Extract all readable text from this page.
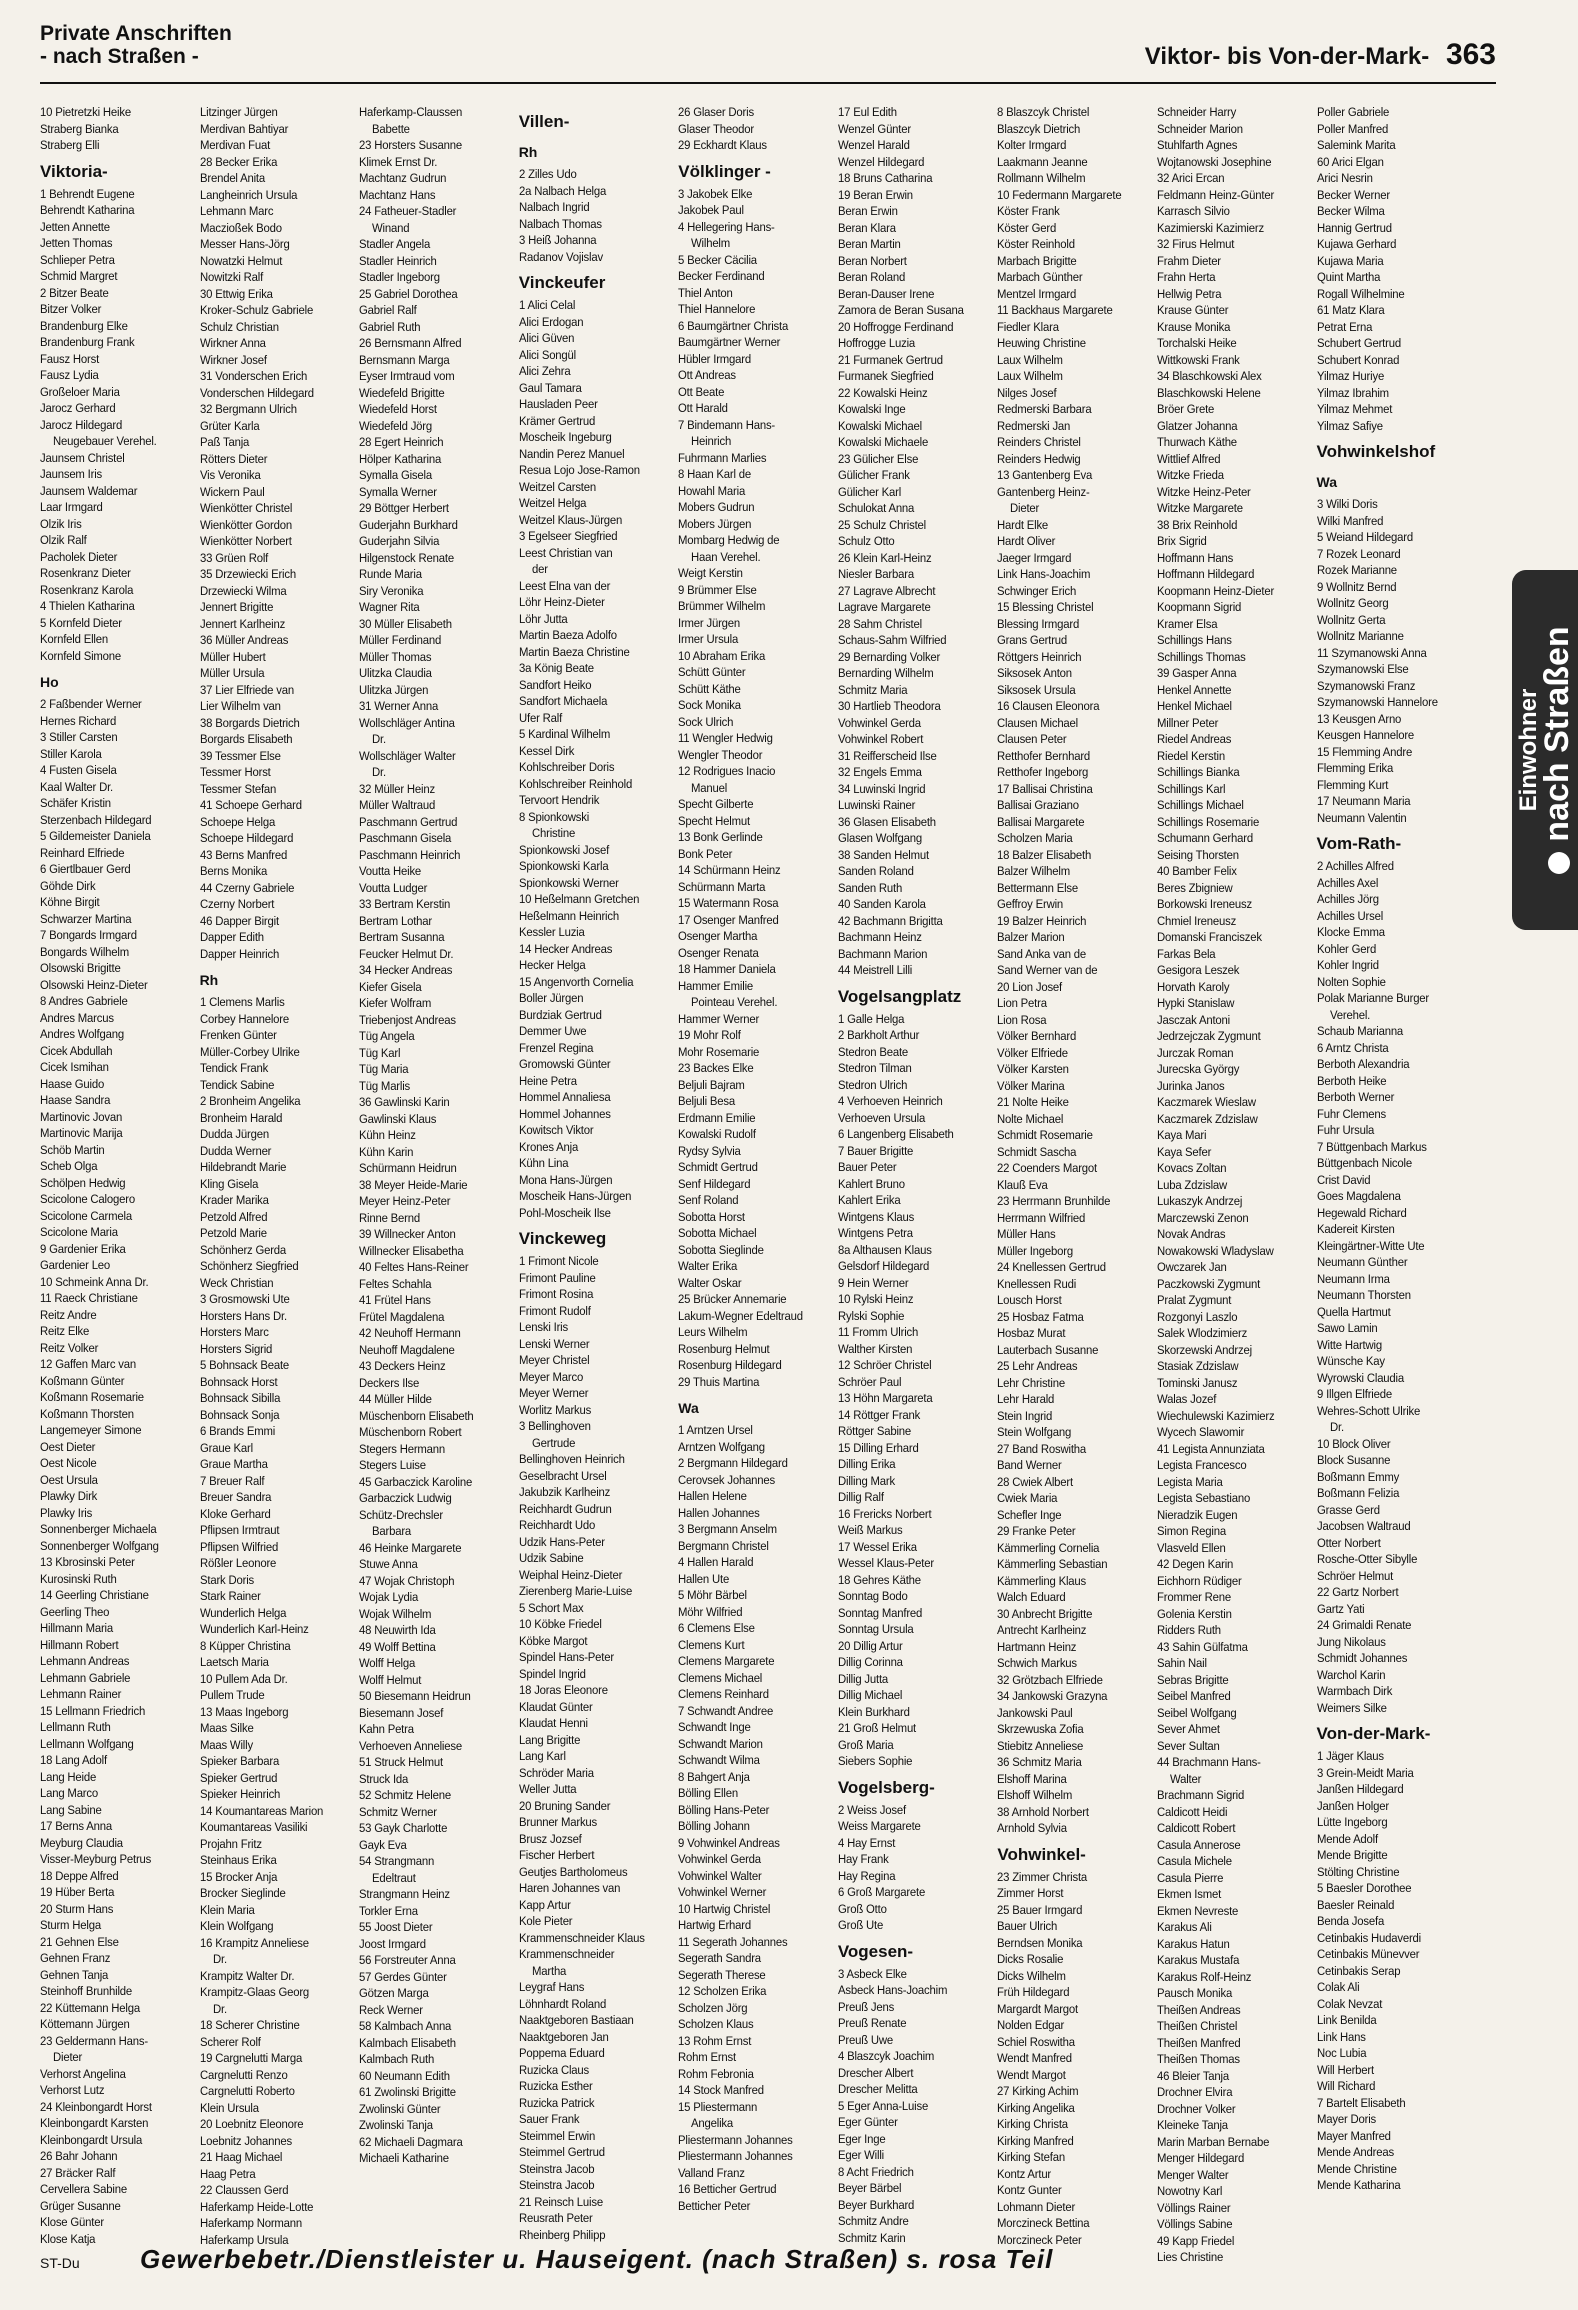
Private Anschriften
- nach Straßen -	Viktor- bis Von-der-Mark- 363
10 Pietretzki Heike
Straberg Bianka
Straberg Elli
Viktoria-
1 Behrendt Eugene
Behrendt Katharina
Jetten Annette
Jetten Thomas
Schlieper Petra
Schmid Margret
2 Bitzer Beate
Bitzer Volker
Brandenburg Elke
Brandenburg Frank
Fausz Horst
Fausz Lydia
Großeloer Maria
Jarocz Gerhard
Jarocz Hildegard
Neugebauer Verehel.
Jaunsem Christel
Jaunsem Iris
Jaunsem Waldemar
Laar Irmgard
Olzik Iris
Olzik Ralf
Pacholek Dieter
Rosenkranz Dieter
Rosenkranz Karola
4 Thielen Katharina
5 Kornfeld Dieter
Kornfeld Ellen
Kornfeld Simone
Ho
2 Faßbender Werner
Hernes Richard
3 Stiller Carsten
Stiller Karola
4 Fusten Gisela
Kaal Walter Dr.
Schäfer Kristin
Sterzenbach Hildegard
5 Gildemeister Daniela
Reinhard Elfriede
6 Giertlbauer Gerd
Göhde Dirk
Köhne Birgit
Schwarzer Martina
7 Bongards Irmgard
Bongards Wilhelm
Olsowski Brigitte
Olsowski Heinz-Dieter
8 Andres Gabriele
Andres Marcus
Andres Wolfgang
Cicek Abdullah
Cicek Ismihan
Haase Guido
Haase Sandra
Martinovic Jovan
Martinovic Marija
Schöb Martin
Scheb Olga
Schölpen Hedwig
Scicolone Calogero
Scicolone Carmela
Scicolone Maria
9 Gardenier Erika
Gardenier Leo
10 Schmeink Anna Dr.
11 Raeck Christiane
Reitz Andre
Reitz Elke
Reitz Volker
12 Gaffen Marc van
Koßmann Günter
Koßmann Rosemarie
Koßmann Thorsten
Langemeyer Simone
Oest Dieter
Oest Nicole
Oest Ursula
Plawky Dirk
Plawky Iris
Sonnenberger Michaela
Sonnenberger Wolfgang
13 Kbrosinski Peter
Kurosinski Ruth
14 Geerling Christiane
Geerling Theo
Hillmann Maria
Hillmann Robert
Lehmann Andreas
Lehmann Gabriele
Lehmann Rainer
15 Lellmann Friedrich
Lellmann Ruth
Lellmann Wolfgang
18 Lang Adolf
Lang Heide
Lang Marco
Lang Sabine
17 Berns Anna
Meyburg Claudia
Visser-Meyburg Petrus
18 Deppe Alfred
19 Hüber Berta
20 Sturm Hans
Sturm Helga
21 Gehnen Else
Gehnen Franz
Gehnen Tanja
Steinhoff Brunhilde
22 Küttemann Helga
Köttemann Jürgen
23 Geldermann Hans-
Dieter
Verhorst Angelina
Verhorst Lutz
24 Kleinbongardt Horst
Kleinbongardt Karsten
Kleinbongardt Ursula
26 Bahr Johann
27 Bräcker Ralf
Cervellera Sabine
Grüger Susanne
Klose Günter
Klose Katja
Litzinger Jürgen
Merdivan Bahtiyar
Merdivan Fuat
28 Becker Erika
Brendel Anita
Langheinrich Ursula
Lehmann Marc
Maczioßek Bodo
Messer Hans-Jörg
Nowatzki Helmut
Nowitzki Ralf
30 Ettwig Erika
Kroker-Schulz Gabriele
Schulz Christian
Wirkner Anna
Wirkner Josef
31 Vonderschen Erich
Vonderschen Hildegard
32 Bergmann Ulrich
Grüter Karla
Paß Tanja
Rötters Dieter
Vis Veronika
Wickern Paul
Wienkötter Christel
Wienkötter Gordon
Wienkötter Norbert
33 Grüen Rolf
35 Drzewiecki Erich
Drzewiecki Wilma
Jennert Brigitte
Jennert Karlheinz
36 Müller Andreas
Müller Hubert
Müller Ursula
37 Lier Elfriede van
Lier Wilhelm van
38 Borgards Dietrich
Borgards Elisabeth
39 Tessmer Else
Tessmer Horst
Tessmer Stefan
41 Schoepe Gerhard
Schoepe Helga
Schoepe Hildegard
43 Berns Manfred
Berns Monika
44 Czerny Gabriele
Czerny Norbert
46 Dapper Birgit
Dapper Edith
Dapper Heinrich
Rh
1 Clemens Marlis
Corbey Hannelore
Frenken Günter
Müller-Corbey Ulrike
Tendick Frank
Tendick Sabine
2 Bronheim Angelika
Bronheim Harald
Dudda Jürgen
Dudda Werner
Hildebrandt Marie
Kling Gisela
Krader Marika
Petzold Alfred
Petzold Marie
Schönherz Gerda
Schönherz Siegfried
Weck Christian
3 Grosmowski Ute
Horsters Hans Dr.
Horsters Marc
Horsters Sigrid
5 Bohnsack Beate
Bohnsack Horst
Bohnsack Sibilla
Bohnsack Sonja
6 Brands Emmi
Graue Karl
Graue Martha
7 Breuer Ralf
Breuer Sandra
Kloke Gerhard
Pflipsen Irmtraut
Pflipsen Wilfried
Rößler Leonore
Stark Doris
Stark Rainer
Wunderlich Helga
Wunderlich Karl-Heinz
8 Küpper Christina
Laetsch Maria
10 Pullem Ada Dr.
Pullem Trude
13 Maas Ingeborg
Maas Silke
Maas Willy
Spieker Barbara
Spieker Gertrud
Spieker Heinrich
14 Koumantareas Marion
Koumantareas Vasiliki
Projahn Fritz
Steinhaus Erika
15 Brocker Anja
Brocker Sieglinde
Klein Maria
Klein Wolfgang
16 Krampitz Anneliese
Dr.
Krampitz Walter Dr.
Krampitz-Glaas Georg
Dr.
18 Scherer Christine
Scherer Rolf
19 Cargnelutti Marga
Cargnelutti Renzo
Cargnelutti Roberto
Klein Ursula
20 Loebnitz Eleonore
Loebnitz Johannes
21 Haag Michael
Haag Petra
22 Claussen Gerd
Haferkamp Heide-Lotte
Haferkamp Normann
Haferkamp Ursula
Haferkamp-Claussen
Babette
23 Horsters Susanne
Klimek Ernst Dr.
Machtanz Gudrun
Machtanz Hans
24 Fatheuer-Stadler
Winand
Stadler Angela
Stadler Heinrich
Stadler Ingeborg
25 Gabriel Dorothea
Gabriel Ralf
Gabriel Ruth
26 Bernsmann Alfred
Bernsmann Marga
Eyser Irmtraud vom
Wiedefeld Brigitte
Wiedefeld Horst
Wiedefeld Jörg
28 Egert Heinrich
Hölper Katharina
Symalla Gisela
Symalla Werner
29 Böttger Herbert
Guderjahn Burkhard
Guderjahn Silvia
Hilgenstock Renate
Runde Maria
Siry Veronika
Wagner Rita
30 Müller Elisabeth
Müller Ferdinand
Müller Thomas
Ulitzka Claudia
Ulitzka Jürgen
31 Werner Anna
Wollschläger Antina
Dr.
Wollschläger Walter
Dr.
32 Müller Heinz
Müller Waltraud
Paschmann Gertrud
Paschmann Gisela
Paschmann Heinrich
Voutta Heike
Voutta Ludger
33 Bertram Kerstin
Bertram Lothar
Bertram Susanna
Feucker Helmut Dr.
34 Hecker Andreas
Kiefer Gisela
Kiefer Wolfram
Triebenjost Andreas
Tüg Angela
Tüg Karl
Tüg Maria
Tüg Marlis
36 Gawlinski Karin
Gawlinski Klaus
Kühn Heinz
Kühn Karin
Schürmann Heidrun
38 Meyer Heide-Marie
Meyer Heinz-Peter
Rinne Bernd
39 Willnecker Anton
Willnecker Elisabetha
40 Feltes Hans-Reiner
Feltes Schahla
41 Frütel Hans
Frütel Magdalena
42 Neuhoff Hermann
Neuhoff Magdalene
43 Deckers Heinz
Deckers Ilse
44 Müller Hilde
Müschenborn Elisabeth
Müschenborn Robert
Stegers Hermann
Stegers Luise
45 Garbaczick Karoline
Garbaczick Ludwig
Schütz-Drechsler
Barbara
46 Heinke Margarete
Stuwe Anna
47 Wojak Christoph
Wojak Lydia
Wojak Wilhelm
48 Neuwirth Ida
49 Wolff Bettina
Wolff Helga
Wolff Helmut
50 Biesemann Heidrun
Biesemann Josef
Kahn Petra
Verhoeven Anneliese
51 Struck Helmut
Struck Ida
52 Schmitz Helene
Schmitz Werner
53 Gayk Charlotte
Gayk Eva
54 Strangmann
Edeltraut
Strangmann Heinz
Torkler Erna
55 Joost Dieter
Joost Irmgard
56 Forstreuter Anna
57 Gerdes Günter
Götzen Marga
Reck Werner
58 Kalmbach Anna
Kalmbach Elisabeth
Kalmbach Ruth
60 Neumann Edith
61 Zwolinski Brigitte
Zwolinski Günter
Zwolinski Tanja
62 Michaeli Dagmara
Michaeli Katharine
Villen-
Rh
2 Zilles Udo
2a Nalbach Helga
Nalbach Ingrid
Nalbach Thomas
3 Heiß Johanna
Radanov Vojislav
Vinckeufer
1 Alici Celal
Alici Erdogan
Alici Güven
Alici Songül
Alici Zehra
Gaul Tamara
Hausladen Peer
Krämer Gertrud
Moscheik Ingeburg
Nandin Perez Manuel
Resua Lojo Jose-Ramon
Weitzel Carsten
Weitzel Helga
Weitzel Klaus-Jürgen
3 Egelseer Siegfried
Leest Christian van
der
Leest Elna van der
Löhr Heinz-Dieter
Löhr Jutta
Martin Baeza Adolfo
Martin Baeza Christine
3a König Beate
Sandfort Heiko
Sandfort Michaela
Ufer Ralf
5 Kardinal Wilhelm
Kessel Dirk
Kohlschreiber Doris
Kohlschreiber Reinhold
Tervoort Hendrik
8 Spionkowski
Christine
Spionkowski Josef
Spionkowski Karla
Spionkowski Werner
10 Heßelmann Gretchen
Heßelmann Heinrich
Kessler Luzia
14 Hecker Andreas
Hecker Helga
15 Angenvorth Cornelia
Boller Jürgen
Burdziak Gertrud
Demmer Uwe
Frenzel Regina
Gromowski Günter
Heine Petra
Hommel Annaliesa
Hommel Johannes
Kowitsch Viktor
Krones Anja
Kühn Lina
Mona Hans-Jürgen
Moscheik Hans-Jürgen
Pohl-Moscheik Ilse
Vinckeweg
1 Frimont Nicole
Frimont Pauline
Frimont Rosina
Frimont Rudolf
Lenski Iris
Lenski Werner
Meyer Christel
Meyer Marco
Meyer Werner
Worlitz Markus
3 Bellinghoven
Gertrude
Bellinghoven Heinrich
Geselbracht Ursel
Jakubzik Karlheinz
Reichhardt Gudrun
Reichhardt Udo
Udzik Hans-Peter
Udzik Sabine
Weiphal Heinz-Dieter
Zierenberg Marie-Luise
5 Schort Max
10 Köbke Friedel
Köbke Margot
Spindel Hans-Peter
Spindel Ingrid
18 Joras Eleonore
Klaudat Günter
Klaudat Henni
Lang Brigitte
Lang Karl
Schröder Maria
Weller Jutta
20 Bruning Sander
Brunner Markus
Brusz Jozsef
Fischer Herbert
Geutjes Bartholomeus
Haren Johannes van
Kapp Artur
Kole Pieter
Krammenschneider Klaus
Krammenschneider
Martha
Leygraf Hans
Löhnhardt Roland
Naaktgeboren Bastiaan
Naaktgeboren Jan
Poppema Eduard
Ruzicka Claus
Ruzicka Esther
Ruzicka Patrick
Sauer Frank
Steimmel Erwin
Steimmel Gertrud
Steinstra Jacob
Steinstra Jacob
21 Reinsch Luise
Reusrath Peter
Rheinberg Philipp
26 Glaser Doris
Glaser Theodor
29 Eckhardt Klaus
Völklinger -
3 Jakobek Elke
Jakobek Paul
4 Hellegering Hans-
Wilhelm
5 Becker Cäcilia
Becker Ferdinand
Thiel Anton
Thiel Hannelore
6 Baumgärtner Christa
Baumgärtner Werner
Hübler Irmgard
Ott Andreas
Ott Beate
Ott Harald
7 Bindemann Hans-
Heinrich
Fuhrmann Marlies
8 Haan Karl de
Howahl Maria
Mobers Gudrun
Mobers Jürgen
Mombarg Hedwig de
Haan Verehel.
Weigt Kerstin
9 Brümmer Else
Brümmer Wilhelm
Irmer Jürgen
Irmer Ursula
10 Abraham Erika
Schütt Günter
Schütt Käthe
Sock Monika
Sock Ulrich
11 Wengler Hedwig
Wengler Theodor
12 Rodrigues Inacio
Manuel
Specht Gilberte
Specht Helmut
13 Bonk Gerlinde
Bonk Peter
14 Schürmann Heinz
Schürmann Marta
15 Watermann Rosa
17 Osenger Manfred
Osenger Martha
Osenger Renata
18 Hammer Daniela
Hammer Emilie
Pointeau Verehel.
Hammer Werner
19 Mohr Rolf
Mohr Rosemarie
23 Backes Elke
Beljuli Bajram
Beljuli Besa
Erdmann Emilie
Kowalski Rudolf
Rydsy Sylvia
Schmidt Gertrud
Senf Hildegard
Senf Roland
Sobotta Horst
Sobotta Michael
Sobotta Sieglinde
Walter Erika
Walter Oskar
25 Brücker Annemarie
Lakum-Wegner Edeltraud
Leurs Wilhelm
Rosenburg Helmut
Rosenburg Hildegard
29 Thuis Martina
Wa
1 Arntzen Ursel
Arntzen Wolfgang
2 Bergmann Hildegard
Cerovsek Johannes
Hallen Helene
Hallen Johannes
3 Bergmann Anselm
Bergmann Christel
4 Hallen Harald
Hallen Ute
5 Möhr Bärbel
Möhr Wilfried
6 Clemens Else
Clemens Kurt
Clemens Margarete
Clemens Michael
Clemens Reinhard
7 Schwandt Andree
Schwandt Inge
Schwandt Marion
Schwandt Wilma
8 Bahgert Anja
Bölling Ellen
Bölling Hans-Peter
Bölling Johann
9 Vohwinkel Andreas
Vohwinkel Gerda
Vohwinkel Walter
Vohwinkel Werner
10 Hartwig Christel
Hartwig Erhard
11 Segerath Johannes
Segerath Sandra
Segerath Therese
12 Scholzen Erika
Scholzen Jörg
Scholzen Klaus
13 Rohm Ernst
Rohm Ernst
Rohm Febronia
14 Stock Manfred
15 Pliestermann
Angelika
Pliestermann Johannes
Pliestermann Johannes
Valland Franz
16 Betticher Gertrud
Betticher Peter
17 Eul Edith
Wenzel Günter
Wenzel Harald
Wenzel Hildegard
18 Bruns Catharina
19 Beran Erwin
Beran Erwin
Beran Klara
Beran Martin
Beran Norbert
Beran Roland
Beran-Dauser Irene
Zamora de Beran Susana
20 Hoffrogge Ferdinand
Hoffrogge Luzia
21 Furmanek Gertrud
Furmanek Siegfried
22 Kowalski Heinz
Kowalski Inge
Kowalski Michael
Kowalski Michaele
23 Gülicher Else
Gülicher Frank
Gülicher Karl
Schulokat Anna
25 Schulz Christel
Schulz Otto
26 Klein Karl-Heinz
Niesler Barbara
27 Lagrave Albrecht
Lagrave Margarete
28 Sahm Christel
Schaus-Sahm Wilfried
29 Bernarding Volker
Bernarding Wilhelm
Schmitz Maria
30 Hartlieb Theodora
Vohwinkel Gerda
Vohwinkel Robert
31 Reifferscheid Ilse
32 Engels Emma
34 Luwinski Ingrid
Luwinski Rainer
36 Glasen Elisabeth
Glasen Wolfgang
38 Sanden Helmut
Sanden Roland
Sanden Ruth
40 Sanden Karola
42 Bachmann Brigitta
Bachmann Heinz
Bachmann Marion
44 Meistrell Lilli
Vogelsangplatz
1 Galle Helga
2 Barkholt Arthur
Stedron Beate
Stedron Tilman
Stedron Ulrich
4 Verhoeven Heinrich
Verhoeven Ursula
6 Langenberg Elisabeth
7 Bauer Brigitte
Bauer Peter
Kahlert Bruno
Kahlert Erika
Wintgens Klaus
Wintgens Petra
8a Althausen Klaus
Gelsdorf Hildegard
9 Hein Werner
10 Rylski Heinz
Rylski Sophie
11 Fromm Ulrich
Walther Kirsten
12 Schröer Christel
Schröer Paul
13 Höhn Margareta
14 Röttger Frank
Röttger Sabine
15 Dilling Erhard
Dilling Erika
Dilling Mark
Dillig Ralf
16 Frericks Norbert
Weiß Markus
17 Wessel Erika
Wessel Klaus-Peter
18 Gehres Käthe
Sonntag Bodo
Sonntag Manfred
Sonntag Ursula
20 Dillig Artur
Dillig Corinna
Dillig Jutta
Dillig Michael
Klein Burkhard
21 Groß Helmut
Groß Maria
Siebers Sophie
Vogelsberg-
2 Weiss Josef
Weiss Margarete
4 Hay Ernst
Hay Frank
Hay Regina
6 Groß Margarete
Groß Otto
Groß Ute
Vogesen-
3 Asbeck Elke
Asbeck Hans-Joachim
Preuß Jens
Preuß Renate
Preuß Uwe
4 Blaszcyk Joachim
Drescher Albert
Drescher Melitta
5 Eger Anna-Luise
Eger Günter
Eger Inge
Eger Willi
8 Acht Friedrich
Beyer Bärbel
Beyer Burkhard
Schmitz Andre
Schmitz Karin
8 Blaszcyk Christel
Blaszcyk Dietrich
Kolter Irmgard
Laakmann Jeanne
Rollmann Wilhelm
10 Federmann Margarete
Köster Frank
Köster Gerd
Köster Reinhold
Marbach Brigitte
Marbach Günther
Mentzel Irmgard
11 Backhaus Margarete
Fiedler Klara
Heuwing Christine
Laux Wilhelm
Laux Wilhelm
Nilges Josef
Redmerski Barbara
Redmerski Jan
Reinders Christel
Reinders Hedwig
13 Gantenberg Eva
Gantenberg Heinz-
Dieter
Hardt Elke
Hardt Oliver
Jaeger Irmgard
Link Hans-Joachim
Schwinger Erich
15 Blessing Christel
Blessing Irmgard
Grans Gertrud
Röttgers Heinrich
Siksosek Anton
Siksosek Ursula
16 Clausen Eleonora
Clausen Michael
Clausen Peter
Retthofer Bernhard
Retthofer Ingeborg
17 Ballisai Christina
Ballisai Graziano
Ballisai Margarete
Scholzen Maria
18 Balzer Elisabeth
Balzer Wilhelm
Bettermann Else
Geffroy Erwin
19 Balzer Heinrich
Balzer Marion
Sand Anka van de
Sand Werner van de
20 Lion Josef
Lion Petra
Lion Rosa
Völker Bernhard
Völker Elfriede
Völker Karsten
Völker Marina
21 Nolte Heike
Nolte Michael
Schmidt Rosemarie
Schmidt Sascha
22 Coenders Margot
Klauß Eva
23 Herrmann Brunhilde
Herrmann Wilfried
Müller Hans
Müller Ingeborg
24 Knellessen Gertrud
Knellessen Rudi
Lousch Horst
25 Hosbaz Fatma
Hosbaz Murat
Lauterbach Susanne
25 Lehr Andreas
Lehr Christine
Lehr Harald
Stein Ingrid
Stein Wolfgang
27 Band Roswitha
Band Werner
28 Cwiek Albert
Cwiek Maria
Schefler Inge
29 Franke Peter
Kämmerling Cornelia
Kämmerling Sebastian
Kämmerling Klaus
Walch Eduard
30 Anbrecht Brigitte
Antrecht Karlheinz
Hartmann Heinz
Schwich Markus
32 Grötzbach Elfriede
34 Jankowski Grazyna
Jankowski Paul
Skrzewuska Zofia
Stiebitz Anneliese
36 Schmitz Maria
Elshoff Marina
Elshoff Wilhelm
38 Arnhold Norbert
Arnhold Sylvia
Vohwinkel-
23 Zimmer Christa
Zimmer Horst
25 Bauer Irmgard
Bauer Ulrich
Berndsen Monika
Dicks Rosalie
Dicks Wilhelm
Früh Hildegard
Margardt Margot
Nolden Edgar
Schiel Roswitha
Wendt Manfred
Wendt Margot
27 Kirking Achim
Kirking Angelika
Kirking Christa
Kirking Manfred
Kirking Stefan
Kontz Artur
Kontz Gunter
Lohmann Dieter
Morczineck Bettina
Morczineck Peter
Schneider Harry
Schneider Marion
Stuhlfarth Agnes
Wojtanowski Josephine
32 Arici Ercan
Feldmann Heinz-Günter
Karrasch Silvio
Kazimierski Kazimierz
32 Firus Helmut
Frahm Dieter
Frahn Herta
Hellwig Petra
Krause Günter
Krause Monika
Torchalski Heike
Wittkowski Frank
34 Blaschkowski Alex
Blaschkowski Helene
Bröer Grete
Glatzer Johanna
Thurwach Käthe
Wittlief Alfred
Witzke Frieda
Witzke Heinz-Peter
Witzke Margarete
38 Brix Reinhold
Brix Sigrid
Hoffmann Hans
Hoffmann Hildegard
Koopmann Heinz-Dieter
Koopmann Sigrid
Kramer Elsa
Schillings Hans
Schillings Thomas
39 Gasper Anna
Henkel Annette
Henkel Michael
Millner Peter
Riedel Andreas
Riedel Kerstin
Schillings Bianka
Schillings Karl
Schillings Michael
Schillings Rosemarie
Schumann Gerhard
Seising Thorsten
40 Bamber Felix
Beres Zbigniew
Borkowski Ireneusz
Chmiel Ireneusz
Domanski Franciszek
Farkas Bela
Gesigora Leszek
Horvath Karoly
Hypki Stanislaw
Jasczak Antoni
Jedrzejczak Zygmunt
Jurczak Roman
Jurecska György
Jurinka Janos
Kaczmarek Wieslaw
Kaczmarek Zdzislaw
Kaya Mari
Kaya Sefer
Kovacs Zoltan
Luba Zdzislaw
Lukaszyk Andrzej
Marczewski Zenon
Novak Andras
Nowakowski Wladyslaw
Owczarek Jan
Paczkowski Zygmunt
Pralat Zygmunt
Rozgonyi Laszlo
Salek Wlodzimierz
Skorzewski Andrzej
Stasiak Zdzislaw
Tominski Janusz
Walas Jozef
Wiechulewski Kazimierz
Wycech Slawomir
41 Legista Annunziata
Legista Francesco
Legista Maria
Legista Sebastiano
Nieradzik Eugen
Simon Regina
Vlasveld Ellen
42 Degen Karin
Eichhorn Rüdiger
Frommer Rene
Golenia Kerstin
Ridders Ruth
43 Sahin Gülfatma
Sahin Nail
Sebras Brigitte
Seibel Manfred
Seibel Wolfgang
Sever Ahmet
Sever Sultan
44 Brachmann Hans-
Walter
Brachmann Sigrid
Caldicott Heidi
Caldicott Robert
Casula Annerose
Casula Michele
Casula Pierre
Ekmen Ismet
Ekmen Nevreste
Karakus Ali
Karakus Hatun
Karakus Mustafa
Karakus Rolf-Heinz
Pausch Monika
Theißen Andreas
Theißen Christel
Theißen Manfred
Theißen Thomas
46 Bleier Tanja
Drochner Elvira
Drochner Volker
Kleineke Tanja
Marin Marban Bernabe
Menger Hildegard
Menger Walter
Nowotny Karl
Völlings Rainer
Völlings Sabine
49 Kapp Friedel
Lies Christine
Poller Gabriele
Poller Manfred
Salemink Marita
60 Arici Elgan
Arici Nesrin
Becker Werner
Becker Wilma
Hannig Gertrud
Kujawa Gerhard
Kujawa Maria
Quint Martha
Rogall Wilhelmine
61 Matz Klara
Petrat Erna
Schubert Gertrud
Schubert Konrad
Yilmaz Huriye
Yilmaz Ibrahim
Yilmaz Mehmet
Yilmaz Safiye
Vohwinkelshof
Wa
3 Wilki Doris
Wilki Manfred
5 Weiand Hildegard
7 Rozek Leonard
Rozek Marianne
9 Wollnitz Bernd
Wollnitz Georg
Wollnitz Gerta
Wollnitz Marianne
11 Szymanowski Anna
Szymanowski Else
Szymanowski Franz
Szymanowski Hannelore
13 Keusgen Arno
Keusgen Hannelore
15 Flemming Andre
Flemming Erika
Flemming Kurt
17 Neumann Maria
Neumann Valentin
Vom-Rath-
2 Achilles Alfred
Achilles Axel
Achilles Jörg
Achilles Ursel
Klocke Emma
Kohler Gerd
Kohler Ingrid
Nolten Sophie
Polak Marianne Burger
Verehel.
Schaub Marianna
6 Arntz Christa
Berboth Alexandria
Berboth Heike
Berboth Werner
Fuhr Clemens
Fuhr Ursula
7 Büttgenbach Markus
Büttgenbach Nicole
Crist David
Goes Magdalena
Hegewald Richard
Kadereit Kirsten
Kleingärtner-Witte Ute
Neumann Günther
Neumann Irma
Neumann Thorsten
Quella Hartmut
Sawo Lamin
Witte Hartwig
Wünsche Kay
Wyrowski Claudia
9 Illgen Elfriede
Wehres-Schott Ulrike
Dr.
10 Block Oliver
Block Susanne
Boßmann Emmy
Boßmann Felizia
Grasse Gerd
Jacobsen Waltraud
Otter Norbert
Rosche-Otter Sibylle
Schröer Helmut
22 Gartz Norbert
Gartz Yati
24 Grimaldi Renate
Jung Nikolaus
Schmidt Johannes
Warchol Karin
Warmbach Dirk
Weimers Silke
Von-der-Mark-
1 Jäger Klaus
3 Grein-Meidt Maria
Janßen Hildegard
Janßen Holger
Lütte Ingeborg
Mende Adolf
Mende Brigitte
Stölting Christine
5 Baesler Dorothee
Baesler Reinald
Benda Josefa
Cetinbakis Hudaverdi
Cetinbakis Münevver
Cetinbakis Serap
Colak Ali
Colak Nevzat
Link Benilda
Link Hans
Noc Lubia
Will Herbert
Will Richard
7 Bartelt Elisabeth
Mayer Doris
Mayer Manfred
Mende Andreas
Mende Christine
Mende Katharina
Einwohner
nach Straßen
ST-Du Gewerbebetr./Dienstleister u. Hauseigent. (nach Straßen) s. rosa Teil
